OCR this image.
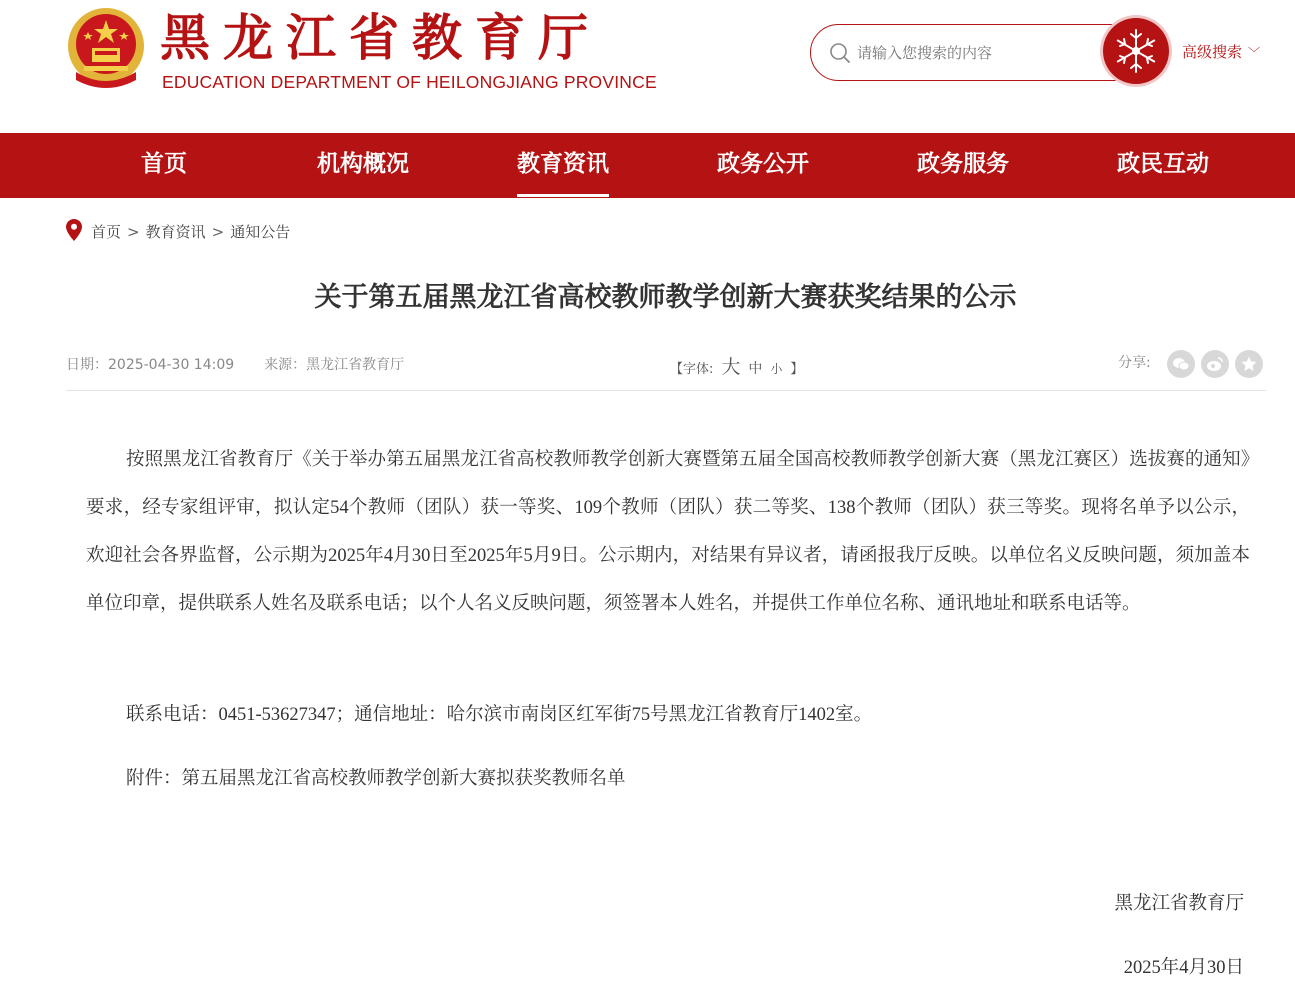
黑龙江省教育厅
EDUCATION DEPARTMENT OF HEILONGJIANG PROVINCE
请输入您搜索的内容
高级搜索 ﹀
首页	机构概况	教育资讯	政务公开	政务服务	政民互动
首页 > 教育资讯 > 通知公告
关于第五届黑龙江省高校教师教学创新大赛获奖结果的公示
日期：2025-04-30 14:09 来源：黑龙江省教育厅	【字体: 大 中 小 】	分享:

按照黑龙江省教育厅《关于举办第五届黑龙江省高校教师教学创新大赛暨第五届全国高校教师教学创新大赛（黑龙江赛区）选拔赛的通知》要求，经专家组评审，拟认定54个教师（团队）获一等奖、109个教师（团队）获二等奖、138个教师（团队）获三等奖。现将名单予以公示，欢迎社会各界监督，公示期为2025年4月30日至2025年5月9日。公示期内，对结果有异议者，请函报我厅反映。以单位名义反映问题，须加盖本单位印章，提供联系人姓名及联系电话；以个人名义反映问题，须签署本人姓名，并提供工作单位名称、通讯地址和联系电话等。

联系电话：0451-53627347；通信地址：哈尔滨市南岗区红军街75号黑龙江省教育厅1402室。
附件：第五届黑龙江省高校教师教学创新大赛拟获奖教师名单
黑龙江省教育厅
2025年4月30日
